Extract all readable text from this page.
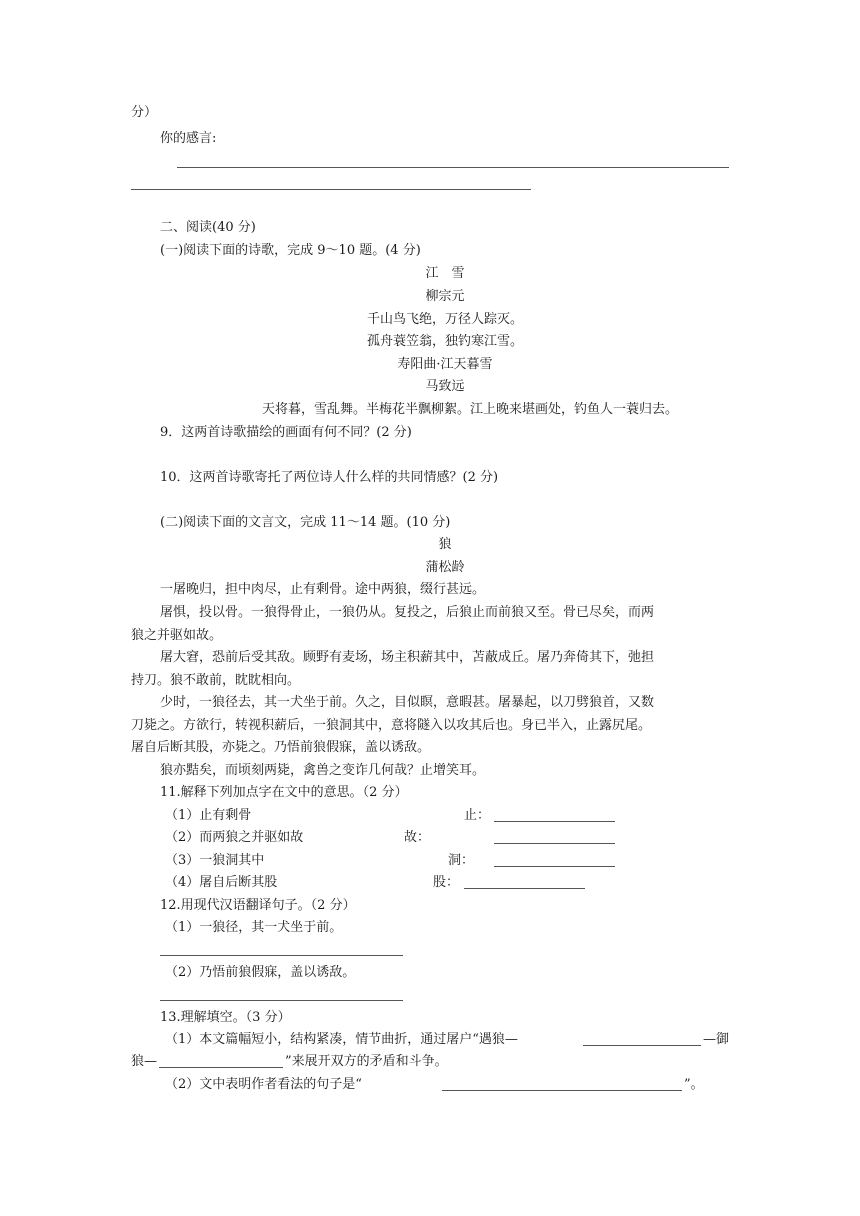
分）
你的感言:
二、阅读(40 分)
(一)阅读下面的诗歌，完成 9～10 题。(4 分)
江　雪
柳宗元
千山鸟飞绝，万径人踪灭。
孤舟蓑笠翁，独钓寒江雪。
寿阳曲·江天暮雪
马致远
天将暮，雪乱舞。半梅花半飘柳絮。江上晚来堪画处，钓鱼人一蓑归去。
9．这两首诗歌描绘的画面有何不同？(2 分)
10．这两首诗歌寄托了两位诗人什么样的共同情感？(2 分)
(二)阅读下面的文言文，完成 11～14 题。(10 分)
狼
蒲松龄
一屠晚归，担中肉尽，止有剩骨。途中两狼，缀行甚远。
屠惧，投以骨。一狼得骨止，一狼仍从。复投之，后狼止而前狼又至。骨已尽矣，而两
狼之并驱如故。
屠大窘，恐前后受其敌。顾野有麦场，场主积薪其中，苫蔽成丘。屠乃奔倚其下，弛担
持刀。狼不敢前，眈眈相向。
少时，一狼径去，其一犬坐于前。久之，目似瞑，意暇甚。屠暴起，以刀劈狼首，又数
刀毙之。方欲行，转视积薪后，一狼洞其中，意将隧入以攻其后也。身已半入，止露尻尾。
屠自后断其股，亦毙之。乃悟前狼假寐，盖以诱敌。
狼亦黠矣，而顷刻两毙，禽兽之变诈几何哉？止增笑耳。
11.解释下列加点字在文中的意思。（2 分）
（1）止有剩骨	止：
（2）而两狼之并驱如故	故：
（3）一狼洞其中	洞：
（4）屠自后断其股	股：
12.用现代汉语翻译句子。（2 分）
（1）一狼径，其一犬坐于前。
（2）乃悟前狼假寐，盖以诱敌。
13.理解填空。（3 分）
（1）本文篇幅短小，结构紧凑，情节曲折，通过屠户“遇狼—	—御
狼—	”来展开双方的矛盾和斗争。
（2）文中表明作者看法的句子是“	”。
